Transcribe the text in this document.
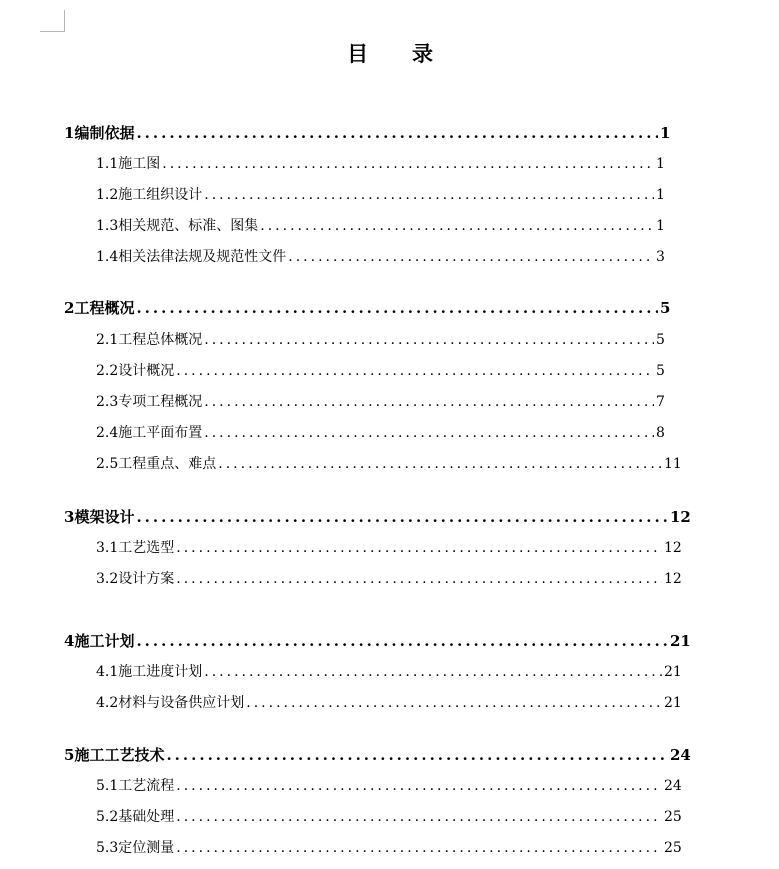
目 录
1 编制依据 .....	1
1.1 施工图 .....	1
1.2 施工组织设计 .....	1
1.3 相关规范、标准、图集 .....	1
1.4 相关法律法规及规范性文件 .....	3
2 工程概况 .....	5
2.1 工程总体概况 .....	5
2.2 设计概况 .....	5
2.3 专项工程概况 .....	7
2.4 施工平面布置 .....	8
2.5 工程重点、难点 .....	11
3 模架设计 .....	12
3.1 工艺选型 .....	12
3.2 设计方案 .....	12
4 施工计划 .....	21
4.1 施工进度计划 .....	21
4.2 材料与设备供应计划 .....	21
5 施工工艺技术 .....	24
5.1 工艺流程 .....	24
5.2 基础处理 .....	25
5.3 定位测量 .....	25
